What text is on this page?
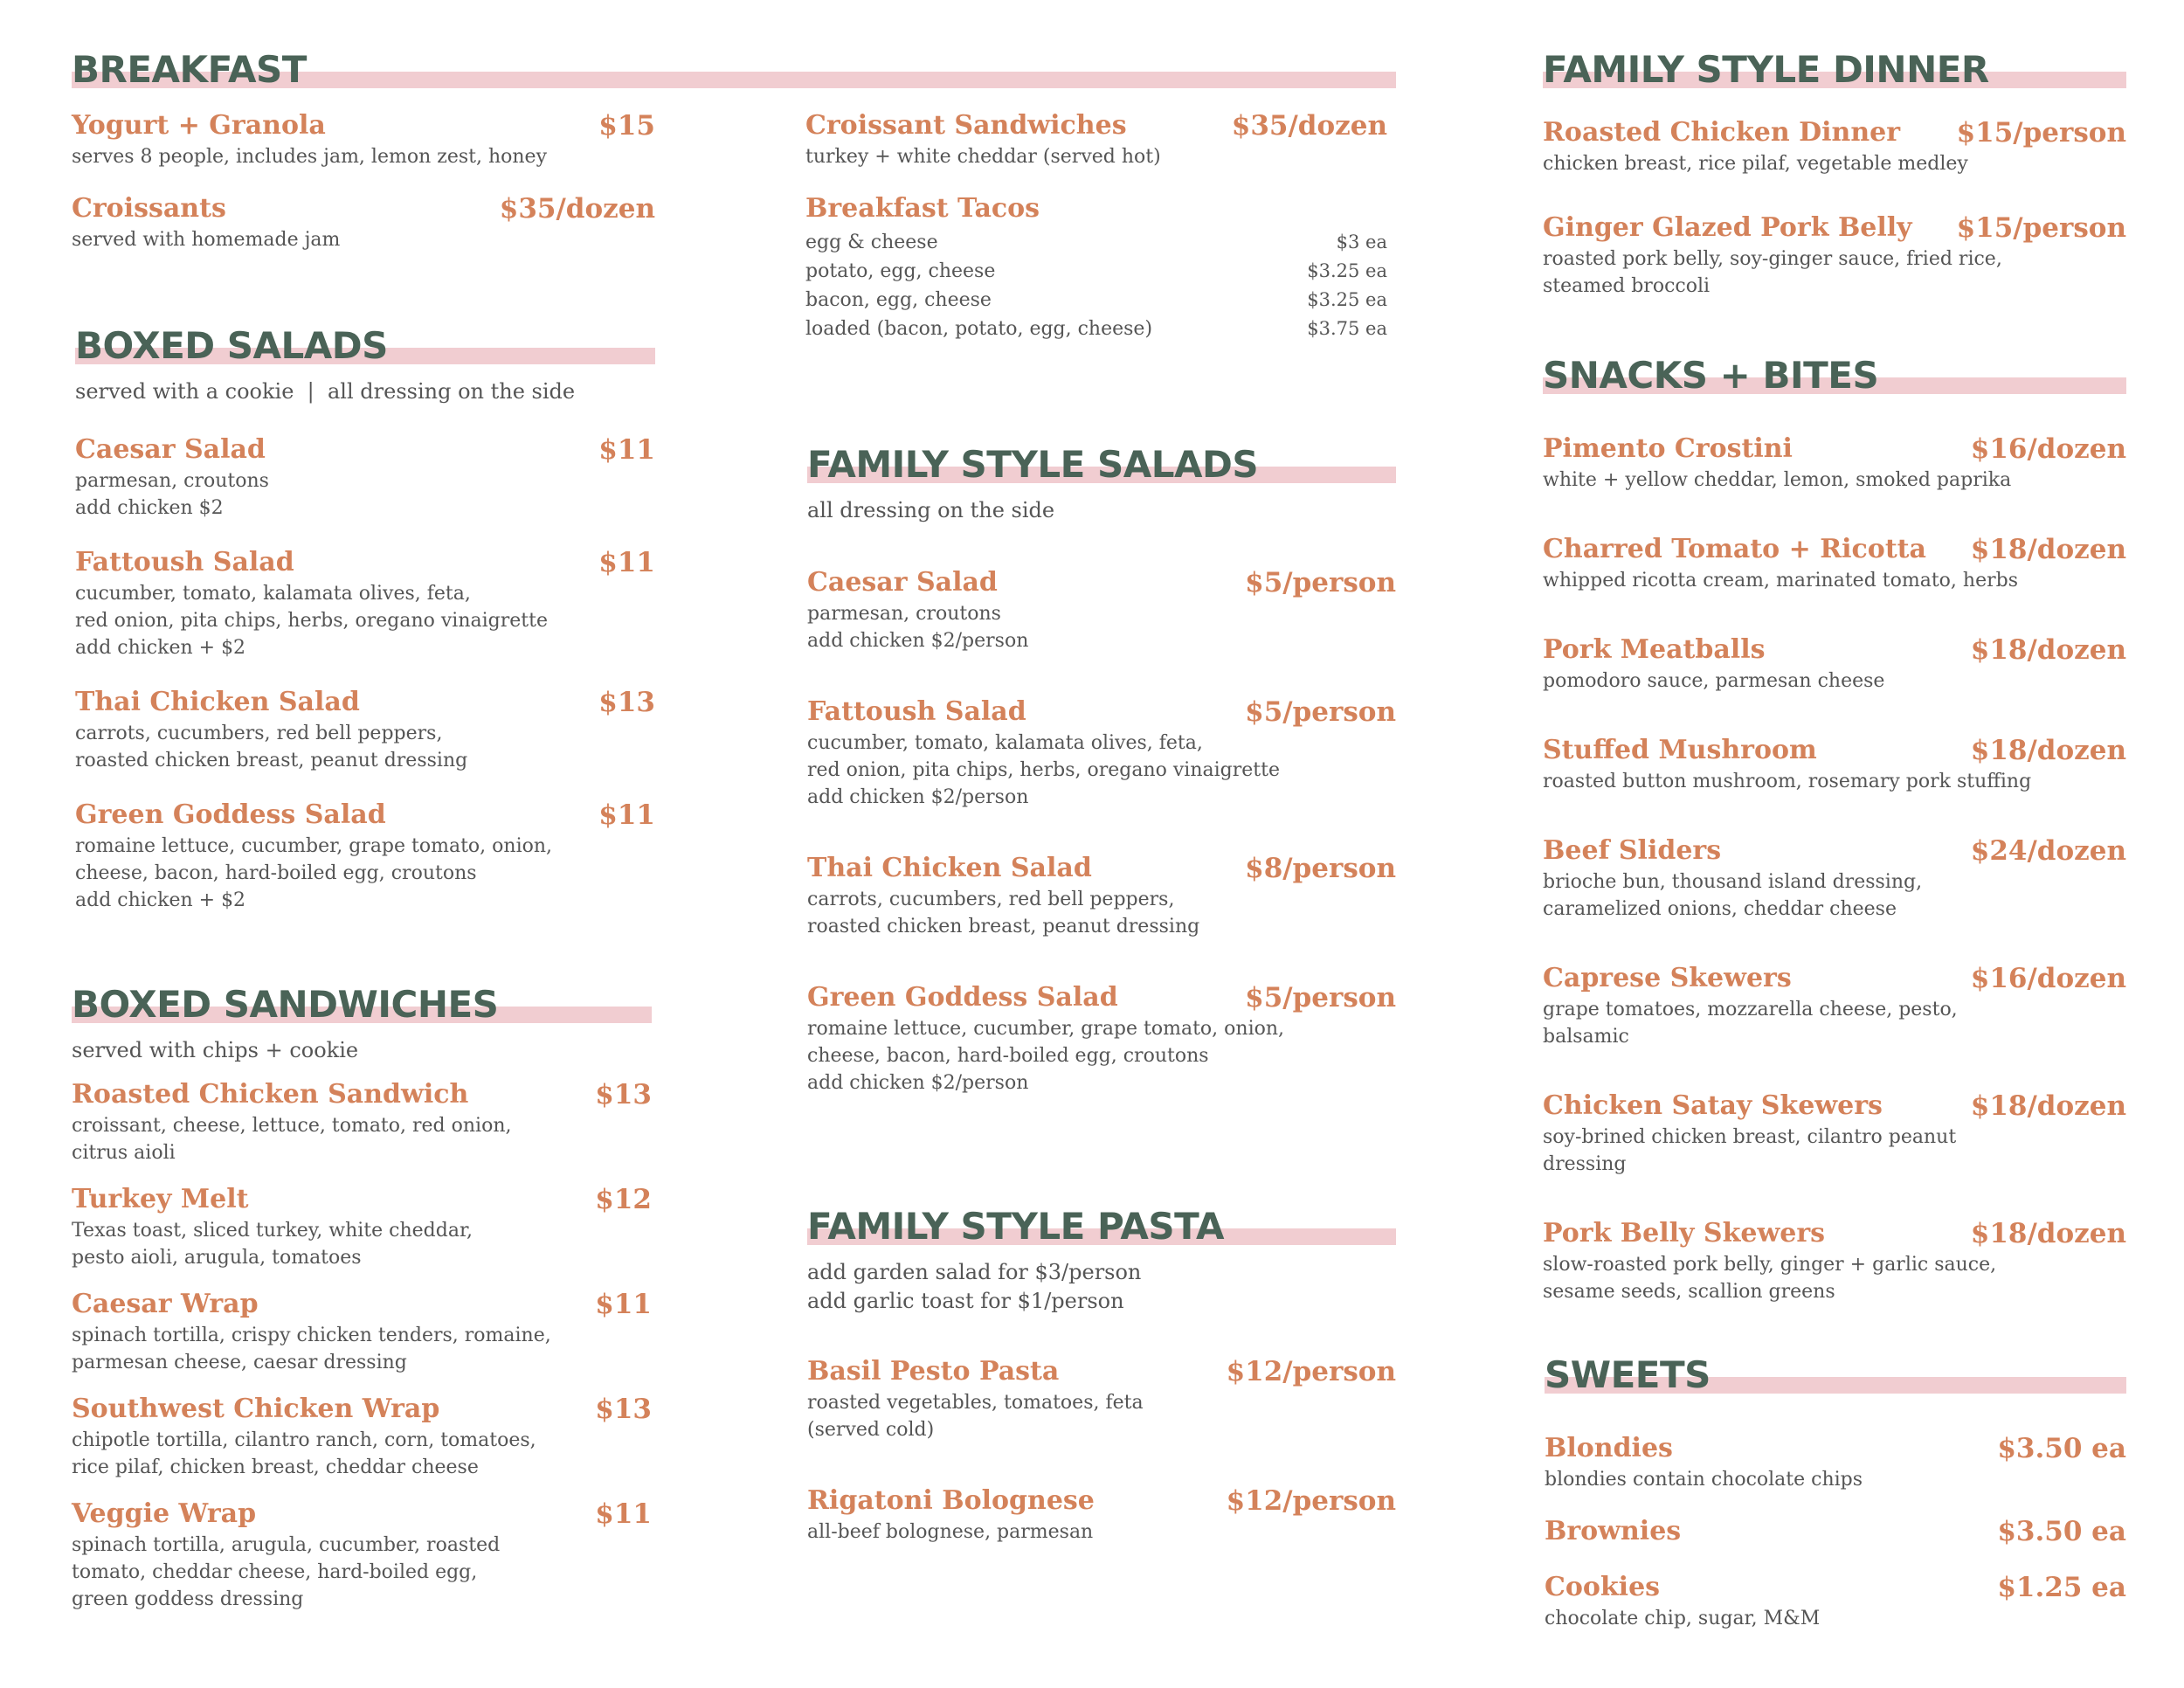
BREAKFAST
Yogurt + Granola	$15
serves 8 people, includes jam, lemon zest, honey
Croissants	$35/dozen
served with homemade jam
Croissant Sandwiches	$35/dozen
turkey + white cheddar (served hot)
Breakfast Tacos
egg & cheese	$3 ea
potato, egg, cheese	$3.25 ea
bacon, egg, cheese	$3.25 ea
loaded (bacon, potato, egg, cheese)	$3.75 ea
BOXED SALADS
served with a cookie  |  all dressing on the side
Caesar Salad	$11
parmesan, croutons
add chicken $2
Fattoush Salad	$11
cucumber, tomato, kalamata olives, feta,
red onion, pita chips, herbs, oregano vinaigrette
add chicken + $2
Thai Chicken Salad	$13
carrots, cucumbers, red bell peppers,
roasted chicken breast, peanut dressing
Green Goddess Salad	$11
romaine lettuce, cucumber, grape tomato, onion,
cheese, bacon, hard-boiled egg, croutons
add chicken + $2
BOXED SANDWICHES
served with chips + cookie
Roasted Chicken Sandwich	$13
croissant, cheese, lettuce, tomato, red onion,
citrus aioli
Turkey Melt	$12
Texas toast, sliced turkey, white cheddar,
pesto aioli, arugula, tomatoes
Caesar Wrap	$11
spinach tortilla, crispy chicken tenders, romaine,
parmesan cheese, caesar dressing
Southwest Chicken Wrap	$13
chipotle tortilla, cilantro ranch, corn, tomatoes,
rice pilaf, chicken breast, cheddar cheese
Veggie Wrap	$11
spinach tortilla, arugula, cucumber, roasted
tomato, cheddar cheese, hard-boiled egg,
green goddess dressing
FAMILY STYLE SALADS
all dressing on the side
Caesar Salad	$5/person
parmesan, croutons
add chicken $2/person
Fattoush Salad	$5/person
cucumber, tomato, kalamata olives, feta,
red onion, pita chips, herbs, oregano vinaigrette
add chicken $2/person
Thai Chicken Salad	$8/person
carrots, cucumbers, red bell peppers,
roasted chicken breast, peanut dressing
Green Goddess Salad	$5/person
romaine lettuce, cucumber, grape tomato, onion,
cheese, bacon, hard-boiled egg, croutons
add chicken $2/person
FAMILY STYLE PASTA
add garden salad for $3/person
add garlic toast for $1/person
Basil Pesto Pasta	$12/person
roasted vegetables, tomatoes, feta
(served cold)
Rigatoni Bolognese	$12/person
all-beef bolognese, parmesan
FAMILY STYLE DINNER
Roasted Chicken Dinner	$15/person
chicken breast, rice pilaf, vegetable medley
Ginger Glazed Pork Belly	$15/person
roasted pork belly, soy-ginger sauce, fried rice,
steamed broccoli
SNACKS + BITES
Pimento Crostini	$16/dozen
white + yellow cheddar, lemon, smoked paprika
Charred Tomato + Ricotta	$18/dozen
whipped ricotta cream, marinated tomato, herbs
Pork Meatballs	$18/dozen
pomodoro sauce, parmesan cheese
Stuffed Mushroom	$18/dozen
roasted button mushroom, rosemary pork stuffing
Beef Sliders	$24/dozen
brioche bun, thousand island dressing,
caramelized onions, cheddar cheese
Caprese Skewers	$16/dozen
grape tomatoes, mozzarella cheese, pesto,
balsamic
Chicken Satay Skewers	$18/dozen
soy-brined chicken breast, cilantro peanut
dressing
Pork Belly Skewers	$18/dozen
slow-roasted pork belly, ginger + garlic sauce,
sesame seeds, scallion greens
SWEETS
Blondies	$3.50 ea
blondies contain chocolate chips
Brownies	$3.50 ea
Cookies	$1.25 ea
chocolate chip, sugar, M&M
